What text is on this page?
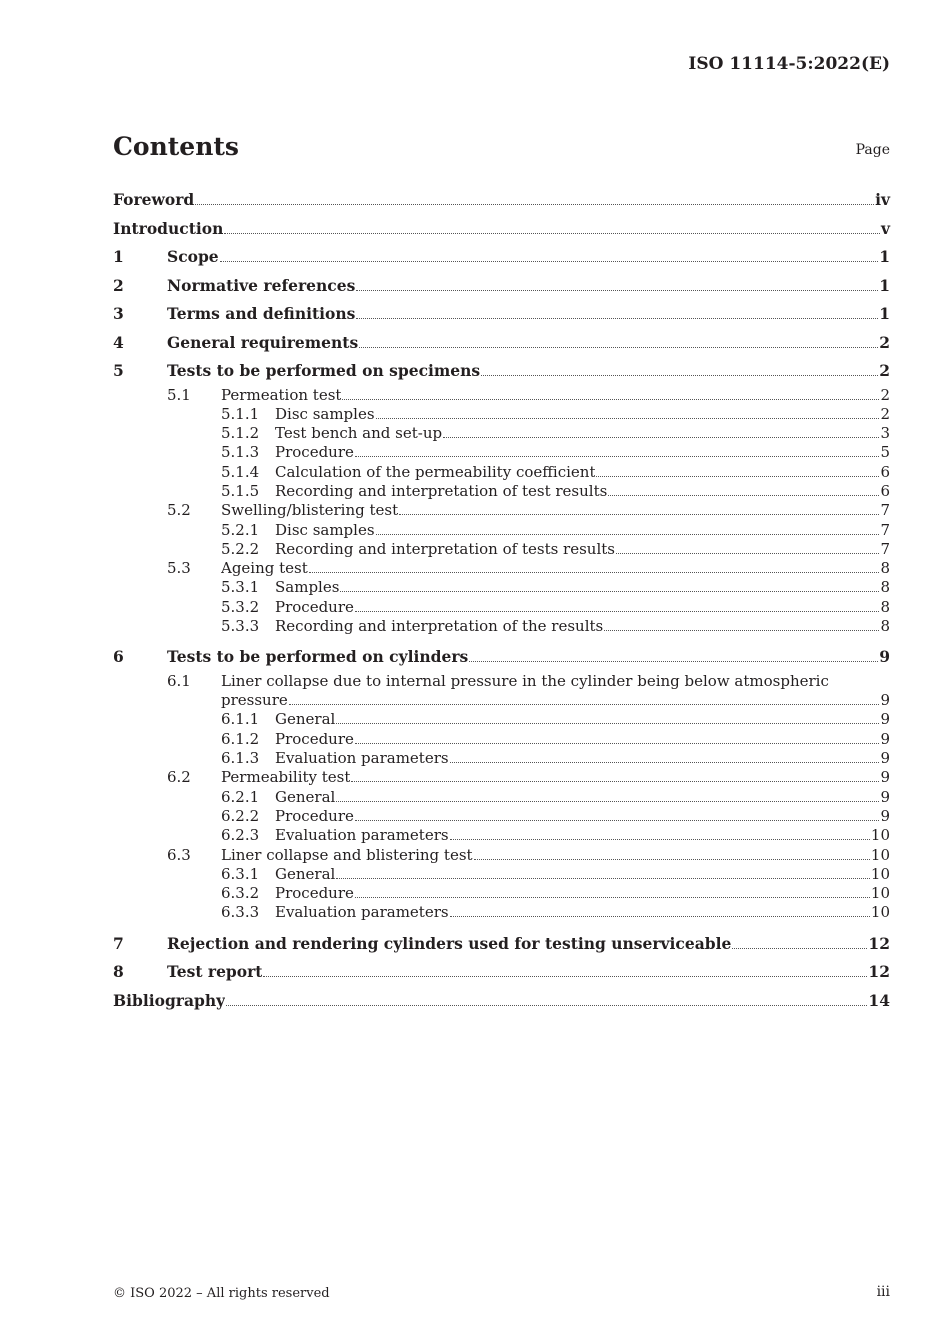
ISO 11114-5:2022(E)
Contents	Page
Foreword	iv
Introduction	v
1	Scope	1
2	Normative references	1
3	Terms and definitions	1
4	General requirements	2
5	Tests to be performed on specimens	2
5.1	Permeation test	2
5.1.1	Disc samples	2
5.1.2	Test bench and set-up	3
5.1.3	Procedure	5
5.1.4	Calculation of the permeability coefficient	6
5.1.5	Recording and interpretation of test results	6
5.2	Swelling/blistering test	7
5.2.1	Disc samples	7
5.2.2	Recording and interpretation of tests results	7
5.3	Ageing test	8
5.3.1	Samples	8
5.3.2	Procedure	8
5.3.3	Recording and interpretation of the results	8
6	Tests to be performed on cylinders	9
6.1	Liner collapse due to internal pressure in the cylinder being below atmospheric
pressure	9
6.1.1	General	9
6.1.2	Procedure	9
6.1.3	Evaluation parameters	9
6.2	Permeability test	9
6.2.1	General	9
6.2.2	Procedure	9
6.2.3	Evaluation parameters	10
6.3	Liner collapse and blistering test	10
6.3.1	General	10
6.3.2	Procedure	10
6.3.3	Evaluation parameters	10
7	Rejection and rendering cylinders used for testing unserviceable	12
8	Test report	12
Bibliography	14
© ISO 2022 – All rights reserved	iii
